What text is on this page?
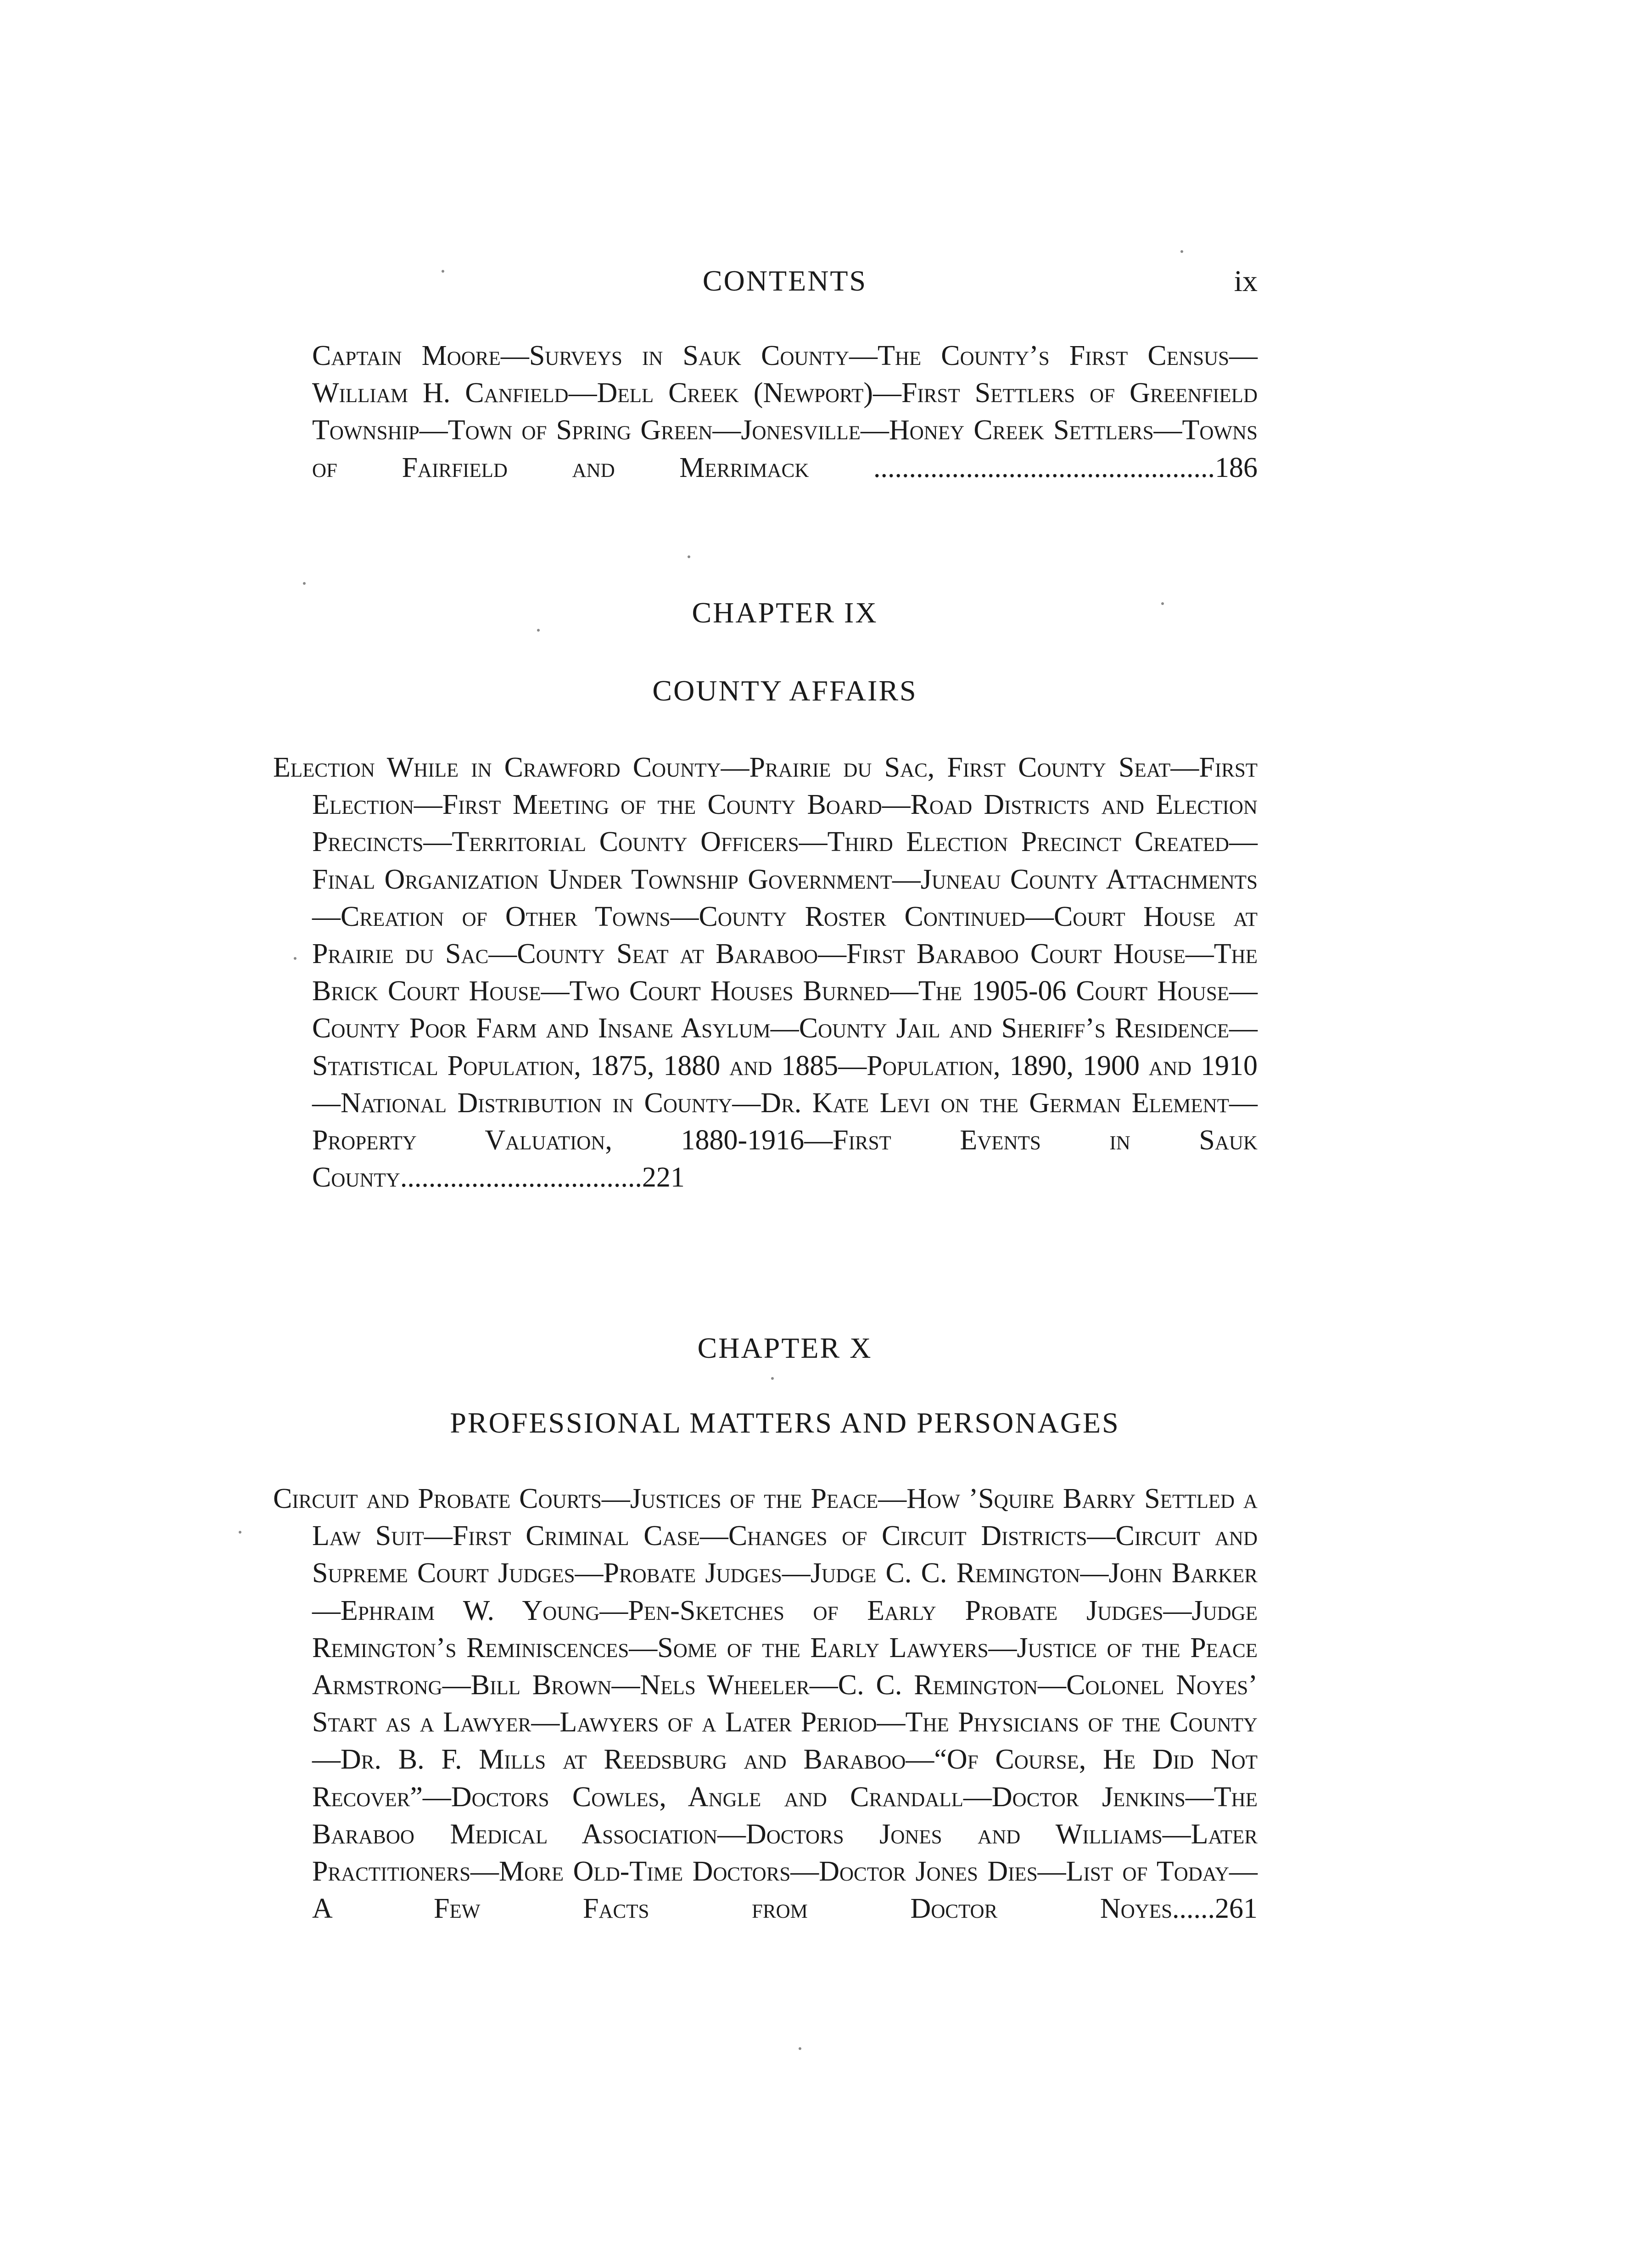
CONTENTS	ix
Captain Moore—Surveys in Sauk County—The County’s First Census—William H. Canfield—Dell Creek (Newport)—First Settlers of Greenfield Township—Town of Spring Green—Jonesville—Honey Creek Settlers—Towns of Fairfield and Merrimack ................................................186
CHAPTER IX
COUNTY AFFAIRS
Election While in Crawford County—Prairie du Sac, First County Seat—First Election—First Meeting of the County Board—Road Districts and Election Precincts—Territorial County Officers—Third Election Precinct Created—Final Organization Under Township Government—Juneau County Attachments—Creation of Other Towns—County Roster Continued—Court House at Prairie du Sac—County Seat at Baraboo—First Baraboo Court House—The Brick Court House—Two Court Houses Burned—The 1905-06 Court House—County Poor Farm and Insane Asylum—County Jail and Sheriff’s Residence—Statistical Population, 1875, 1880 and 1885—Population, 1890, 1900 and 1910—National Distribution in County—Dr. Kate Levi on the German Element—Property Valuation, 1880-1916—First Events in Sauk County..................................221
CHAPTER X
PROFESSIONAL MATTERS AND PERSONAGES
Circuit and Probate Courts—Justices of the Peace—How ’Squire Barry Settled a Law Suit—First Criminal Case—Changes of Circuit Districts—Circuit and Supreme Court Judges—Probate Judges—Judge C. C. Remington—John Barker—Ephraim W. Young—Pen-Sketches of Early Probate Judges—Judge Remington’s Reminiscences—Some of the Early Lawyers—Justice of the Peace Armstrong—Bill Brown—Nels Wheeler—C. C. Remington—Colonel Noyes’ Start as a Lawyer—Lawyers of a Later Period—The Physicians of the County—Dr. B. F. Mills at Reedsburg and Baraboo—“Of Course, He Did Not Recover”—Doctors Cowles, Angle and Crandall—Doctor Jenkins—The Baraboo Medical Association—Doctors Jones and Williams—Later Practitioners—More Old-Time Doctors—Doctor Jones Dies—List of Today—A Few Facts from Doctor Noyes......261
